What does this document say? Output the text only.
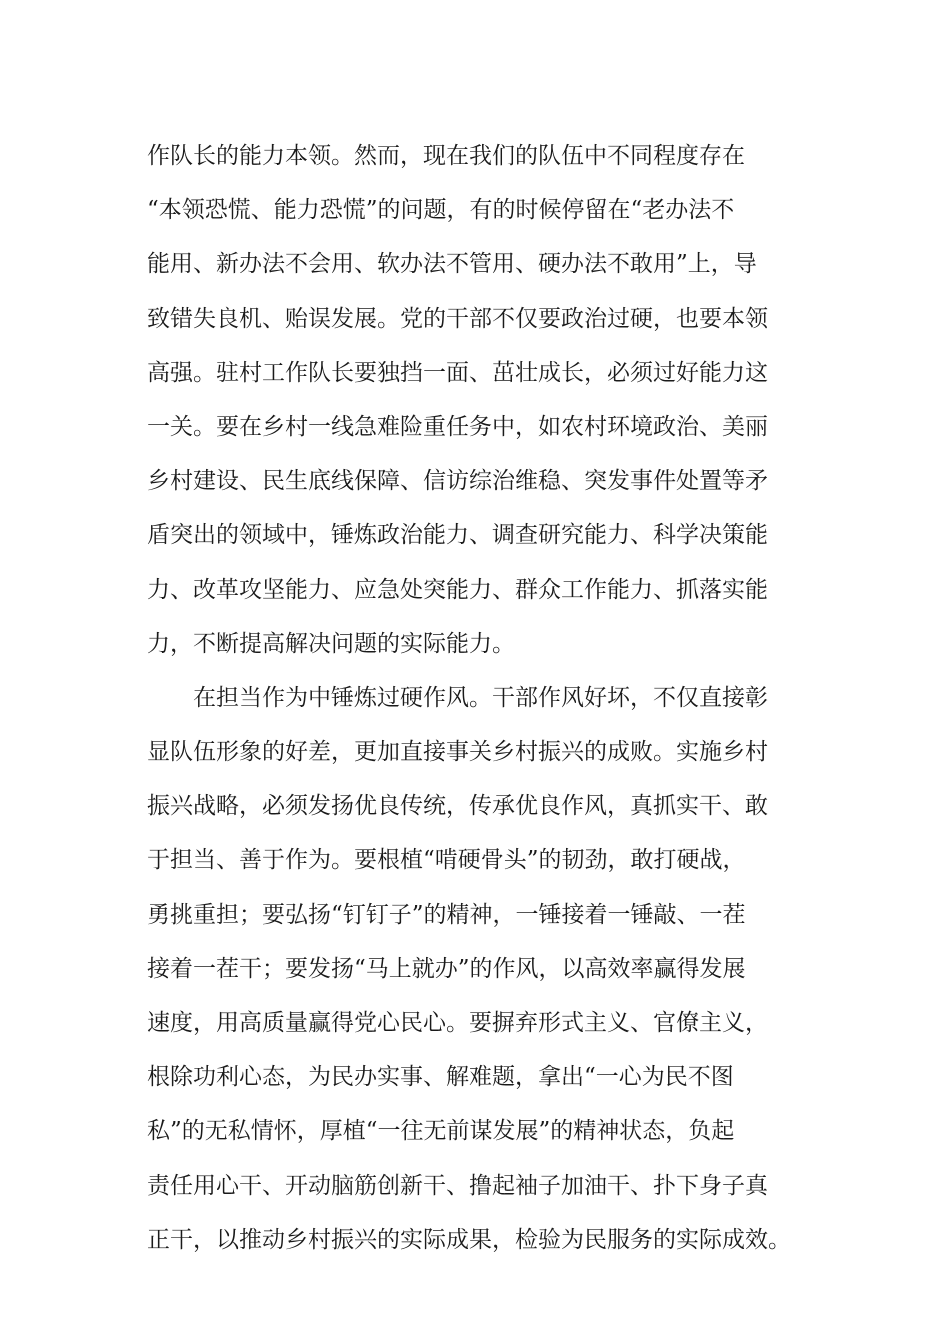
作队长的能力本领。然而，现在我们的队伍中不同程度存在
“本领恐慌、能力恐慌”的问题，有的时候停留在“老办法不
能用、新办法不会用、软办法不管用、硬办法不敢用”上，导
致错失良机、贻误发展。党的干部不仅要政治过硬，也要本领
高强。驻村工作队长要独挡一面、茁壮成长，必须过好能力这
一关。要在乡村一线急难险重任务中，如农村环境政治、美丽
乡村建设、民生底线保障、信访综治维稳、突发事件处置等矛
盾突出的领域中，锤炼政治能力、调查研究能力、科学决策能
力、改革攻坚能力、应急处突能力、群众工作能力、抓落实能
力，不断提高解决问题的实际能力。
在担当作为中锤炼过硬作风。干部作风好坏，不仅直接彰
显队伍形象的好差，更加直接事关乡村振兴的成败。实施乡村
振兴战略，必须发扬优良传统，传承优良作风，真抓实干、敢
于担当、善于作为。要根植“啃硬骨头”的韧劲，敢打硬战，
勇挑重担；要弘扬“钉钉子”的精神，一锤接着一锤敲、一茬
接着一茬干；要发扬“马上就办”的作风，以高效率赢得发展
速度，用高质量赢得党心民心。要摒弃形式主义、官僚主义，
根除功利心态，为民办实事、解难题，拿出“一心为民不图
私”的无私情怀，厚植“一往无前谋发展”的精神状态，负起
责任用心干、开动脑筋创新干、撸起袖子加油干、扑下身子真
正干，以推动乡村振兴的实际成果，检验为民服务的实际成效。
